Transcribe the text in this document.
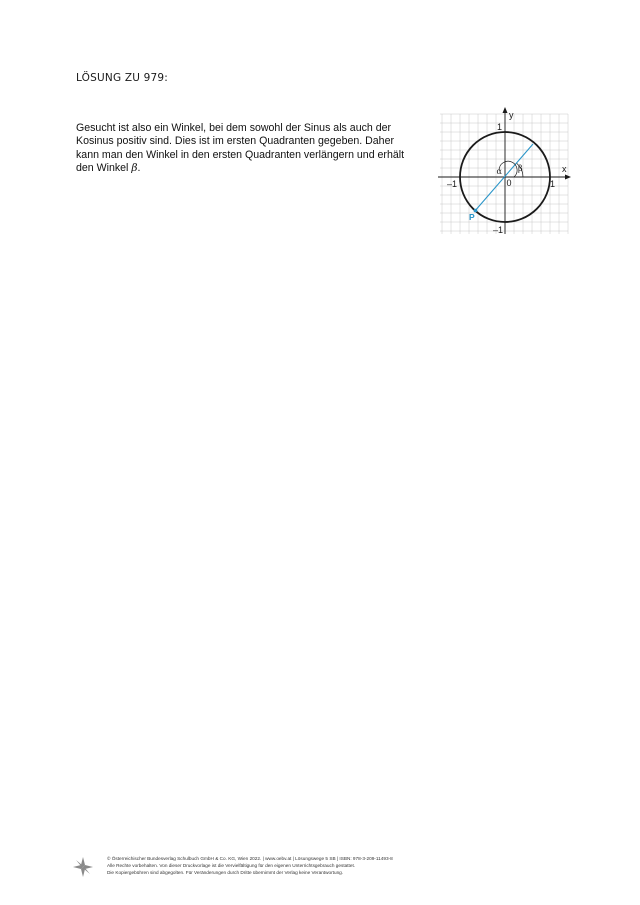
LÖSUNG ZU 979:
Gesucht ist also ein Winkel, bei dem sowohl der Sinus als auch der
Kosinus positiv sind. Dies ist im ersten Quadranten gegeben. Daher
kann man den Winkel in den ersten Quadranten verlängern und erhält
den Winkel β.
y
x
1
–1	0	1
–1
α β
P
© Österreichischer Bundesverlag Schulbuch GmbH & Co. KG, Wien 2022. | www.oebv.at | Lösungswege 5 SB | ISBN: 978-3-209-11493-8
Alle Rechte vorbehalten. Von dieser Druckvorlage ist die Vervielfältigung für den eigenen Unterrichtsgebrauch gestattet.
Die Kopiergebühren sind abgegolten. Für Veränderungen durch Dritte übernimmt der Verlag keine Verantwortung.
